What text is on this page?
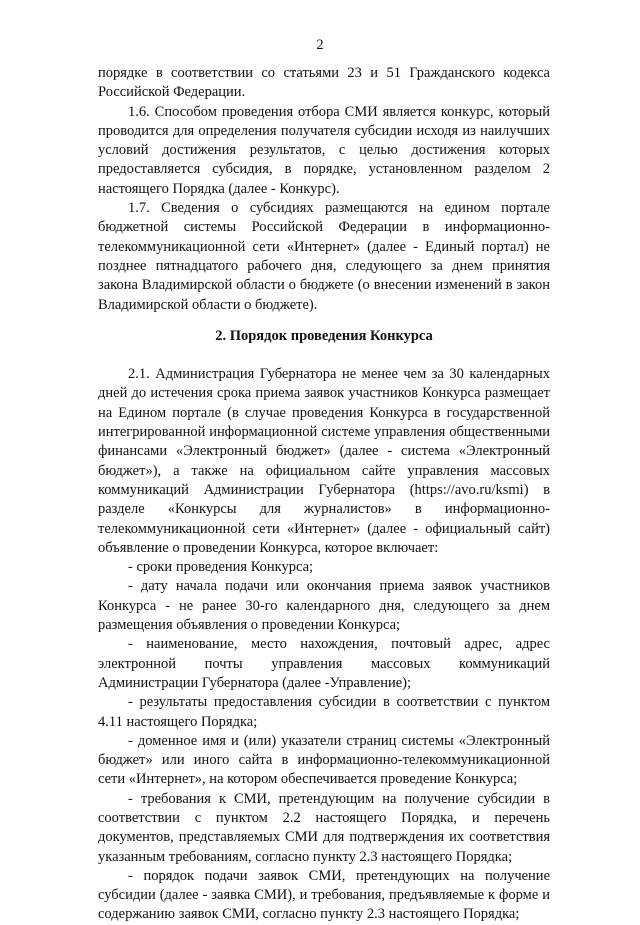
2

порядке в соответствии со статьями 23 и 51 Гражданского кодекса Российской Федерации.

1.6. Способом проведения отбора СМИ является конкурс, который проводится для определения получателя субсидии исходя из наилучших условий достижения результатов, с целью достижения которых предоставляется субсидия, в порядке, установленном разделом 2 настоящего Порядка (далее - Конкурс).

1.7. Сведения о субсидиях размещаются на едином портале бюджетной системы Российской Федерации в информационно-телекоммуникационной сети «Интернет» (далее - Единый портал) не позднее пятнадцатого рабочего дня, следующего за днем принятия закона Владимирской области о бюджете (о внесении изменений в закон Владимирской области о бюджете).

2. Порядок проведения Конкурса

2.1. Администрация Губернатора не менее чем за 30 календарных дней до истечения срока приема заявок участников Конкурса размещает на Едином портале (в случае проведения Конкурса в государственной интегрированной информационной системе управления общественными финансами «Электронный бюджет» (далее - система «Электронный бюджет»), а также на официальном сайте управления массовых коммуникаций Администрации Губернатора (https://avo.ru/ksmi) в разделе «Конкурсы для журналистов» в информационно-телекоммуникационной сети «Интернет» (далее - официальный сайт) объявление о проведении Конкурса, которое включает:

- сроки проведения Конкурса;

- дату начала подачи или окончания приема заявок участников Конкурса - не ранее 30-го календарного дня, следующего за днем размещения объявления о проведении Конкурса;

- наименование, место нахождения, почтовый адрес, адрес электронной почты управления массовых коммуникаций Администрации Губернатора (далее -Управление);

- результаты предоставления субсидии в соответствии с пунктом 4.11 настоящего Порядка;

- доменное имя и (или) указатели страниц системы «Электронный бюджет» или иного сайта в информационно-телекоммуникационной сети «Интернет», на котором обеспечивается проведение Конкурса;

- требования к СМИ, претендующим на получение субсидии в соответствии с пунктом 2.2 настоящего Порядка, и перечень документов, представляемых СМИ для подтверждения их соответствия указанным требованиям, согласно пункту 2.3 настоящего Порядка;

- порядок подачи заявок СМИ, претендующих на получение субсидии (далее - заявка СМИ), и требования, предъявляемые к форме и содержанию заявок СМИ, согласно пункту 2.3 настоящего Порядка;
